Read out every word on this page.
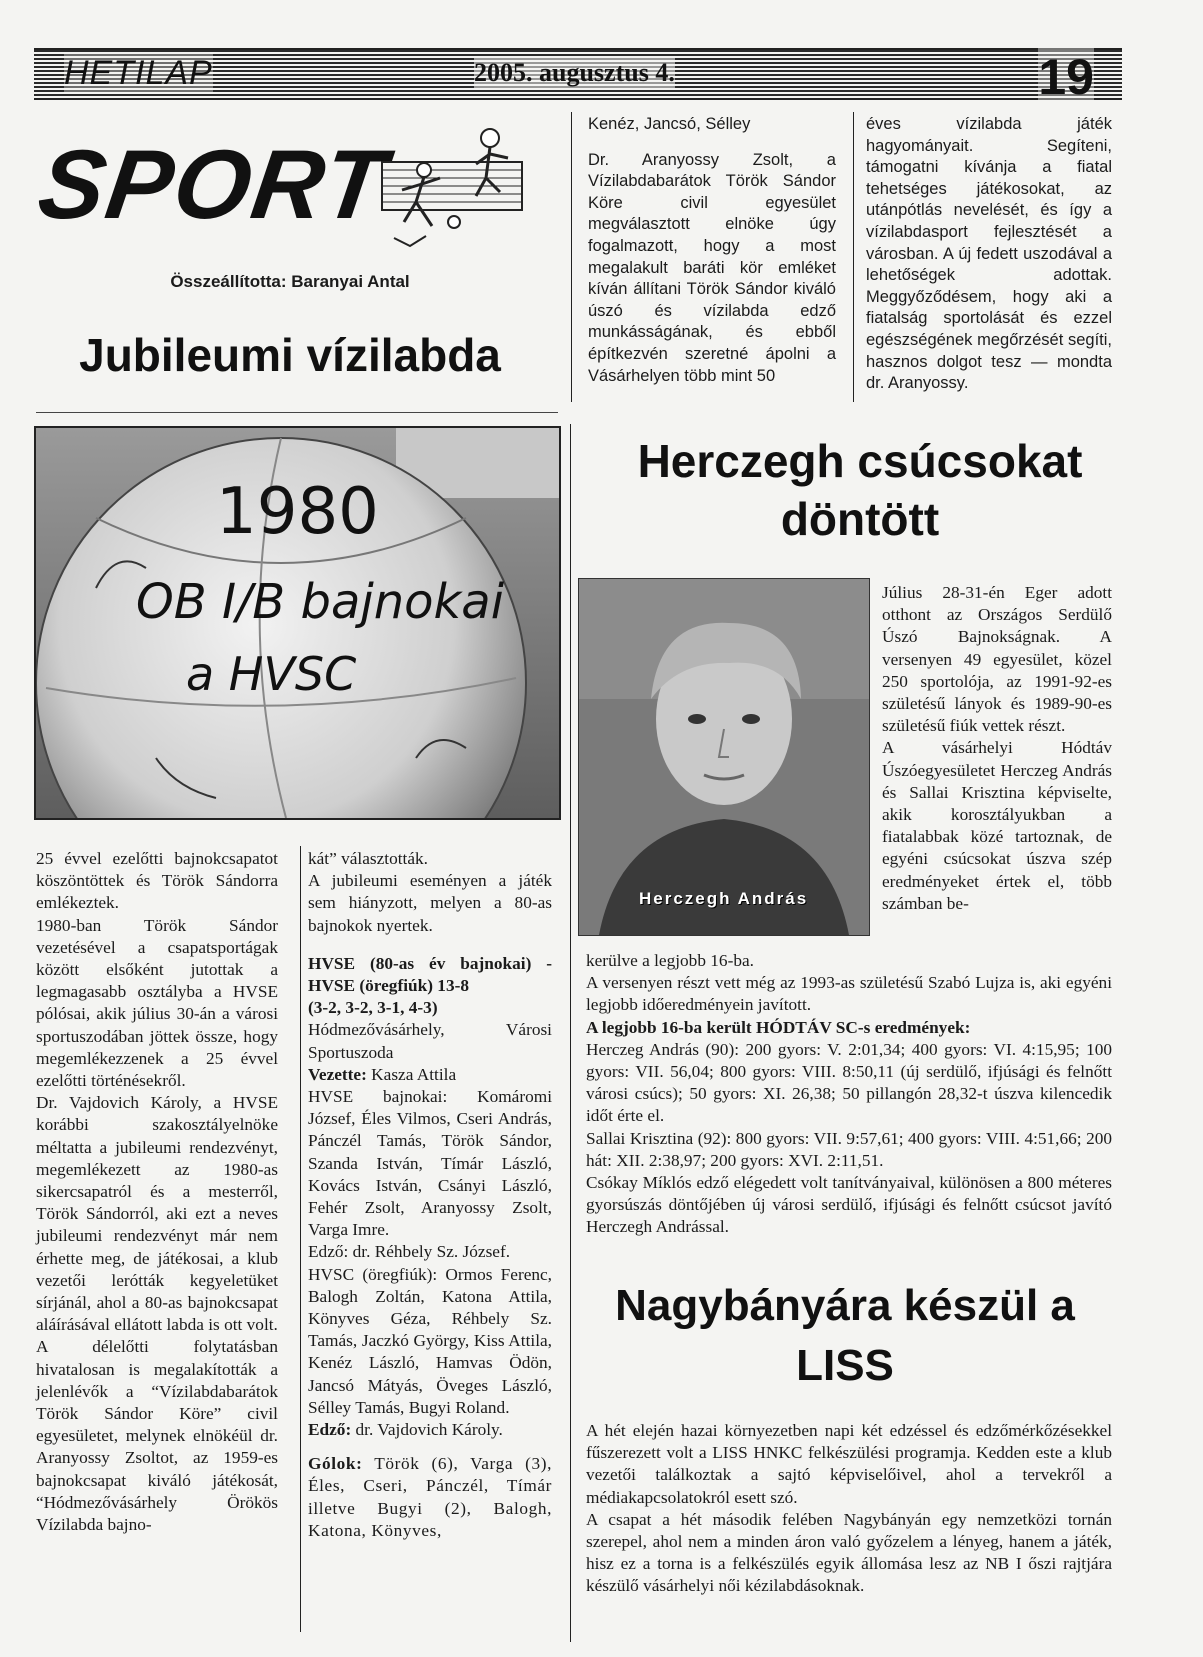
HETILAP	2005. augusztus 4.	19
SPORT
Összeállította: Baranyai Antal
Jubileumi vízilabda
1980
OB I/B bajnokai
a HVSC

25 évvel ezelőtti bajnokcsapatot köszöntöttek és Török Sándorra emlékeztek.

1980-ban Török Sándor vezetésével a csapatsportágak között elsőként jutottak a legmagasabb osztályba a HVSE pólósai, akik július 30-án a városi sportuszodában jöttek össze, hogy megemlékezzenek a 25 évvel ezelőtti történésekről.

Dr. Vajdovich Károly, a HVSE korábbi szakosztályelnöke méltatta a jubileumi rendezvényt, megemlékezett az 1980-as sikercsapatról és a mesterről, Török Sándorról, aki ezt a neves jubileumi rendezvényt már nem érhette meg, de játékosai, a klub vezetői lerótták kegyeletüket sírjánál, ahol a 80-as bajnokcsapat aláírásával ellátott labda is ott volt.

A délelőtti folytatásban hivatalosan is megalakították a jelenlévők a “Vízilabdabarátok Török Sándor Köre” civil egyesületet, melynek elnökéül dr. Aranyossy Zsoltot, az 1959-es bajnokcsapat kiváló játékosát, “Hódmezővásárhely Örökös Vízilabda bajno-

kát” választották.

A jubileumi eseményen a játék sem hiányzott, melyen a 80-as bajnokok nyertek.

HVSE (80-as év bajnokai) - HVSE (öregfiúk) 13-8

(3-2, 3-2, 3-1, 4-3)

Hódmezővásárhely, Városi Sportuszoda

Vezette: Kasza Attila

HVSE bajnokai: Komáromi József, Éles Vilmos, Cseri András, Pánczél Tamás, Török Sándor, Szanda István, Tímár László, Kovács István, Csányi László, Fehér Zsolt, Aranyossy Zsolt, Varga Imre.

Edző: dr. Réhbely Sz. József.

HVSC (öregfiúk): Ormos Ferenc, Balogh Zoltán, Katona Attila, Könyves Géza, Réhbely Sz. Tamás, Jaczkó György, Kiss Attila, Kenéz László, Hamvas Ödön, Jancsó Mátyás, Öveges László, Sélley Tamás, Bugyi Roland.

Edző: dr. Vajdovich Károly.

Gólok: Török (6), Varga (3), Éles, Cseri, Pánczél, Tímár illetve Bugyi (2), Balogh, Katona, Könyves,

Kenéz, Jancsó, Sélley

Dr. Aranyossy Zsolt, a Vízilabdabarátok Török Sándor Köre civil egyesület megválasztott elnöke úgy fogalmazott, hogy a most megalakult baráti kör emléket kíván állítani Török Sándor kiváló úszó és vízilabda edző munkásságának, és ebből építkezvén szeretné ápolni a Vásárhelyen több mint 50

éves vízilabda játék hagyományait. Segíteni, támogatni kívánja a fiatal tehetséges játékosokat, az utánpótlás nevelését, és így a vízilabdasport fejlesztését a városban. A új fedett uszodával a lehetőségek adottak. Meggyőződésem, hogy aki a fiatalság sportolását és ezzel egészségének megőrzését segíti, hasznos dolgot tesz — mondta dr. Aranyossy.

Herczegh csúcsokat döntött
Herczegh András

Július 28-31-én Eger adott otthont az Országos Serdülő Úszó Bajnokságnak. A versenyen 49 egyesület, közel 250 sportolója, az 1991-92-es születésű lányok és 1989-90-es születésű fiúk vettek részt.

A vásárhelyi Hódtáv Úszóegyesületet Herczeg András és Sallai Krisztina képviselte, akik korosztályukban a fiatalabbak közé tartoznak, de egyéni csúcsokat úszva szép eredményeket értek el, több számban be-

kerülve a legjobb 16-ba.

A versenyen részt vett még az 1993-as születésű Szabó Lujza is, aki egyéni legjobb időeredményein javított.

A legjobb 16-ba került HÓDTÁV SC-s eredmények:

Herczeg András (90): 200 gyors: V. 2:01,34; 400 gyors: VI. 4:15,95; 100 gyors: VII. 56,04; 800 gyors: VIII. 8:50,11 (új serdülő, ifjúsági és felnőtt városi csúcs); 50 gyors: XI. 26,38; 50 pillangón 28,32-t úszva kilencedik időt érte el.

Sallai Krisztina (92): 800 gyors: VII. 9:57,61; 400 gyors: VIII. 4:51,66; 200 hát: XII. 2:38,97; 200 gyors: XVI. 2:11,51.

Csókay Míklós edző elégedett volt tanítványaival, különösen a 800 méteres gyorsúszás döntőjében új városi serdülő, ifjúsági és felnőtt csúcsot javító Herczegh Andrással.

Nagybányára készül a LISS

A hét elején hazai környezetben napi két edzéssel és edzőmérkőzésekkel fűszerezett volt a LISS HNKC felkészülési programja. Kedden este a klub vezetői találkoztak a sajtó képviselőivel, ahol a tervekről a médiakapcsolatokról esett szó.

A csapat a hét második felében Nagybányán egy nemzetközi tornán szerepel, ahol nem a minden áron való győzelem a lényeg, hanem a játék, hisz ez a torna is a felkészülés egyik állomása lesz az NB I őszi rajtjára készülő vásárhelyi női kézilabdásoknak.
